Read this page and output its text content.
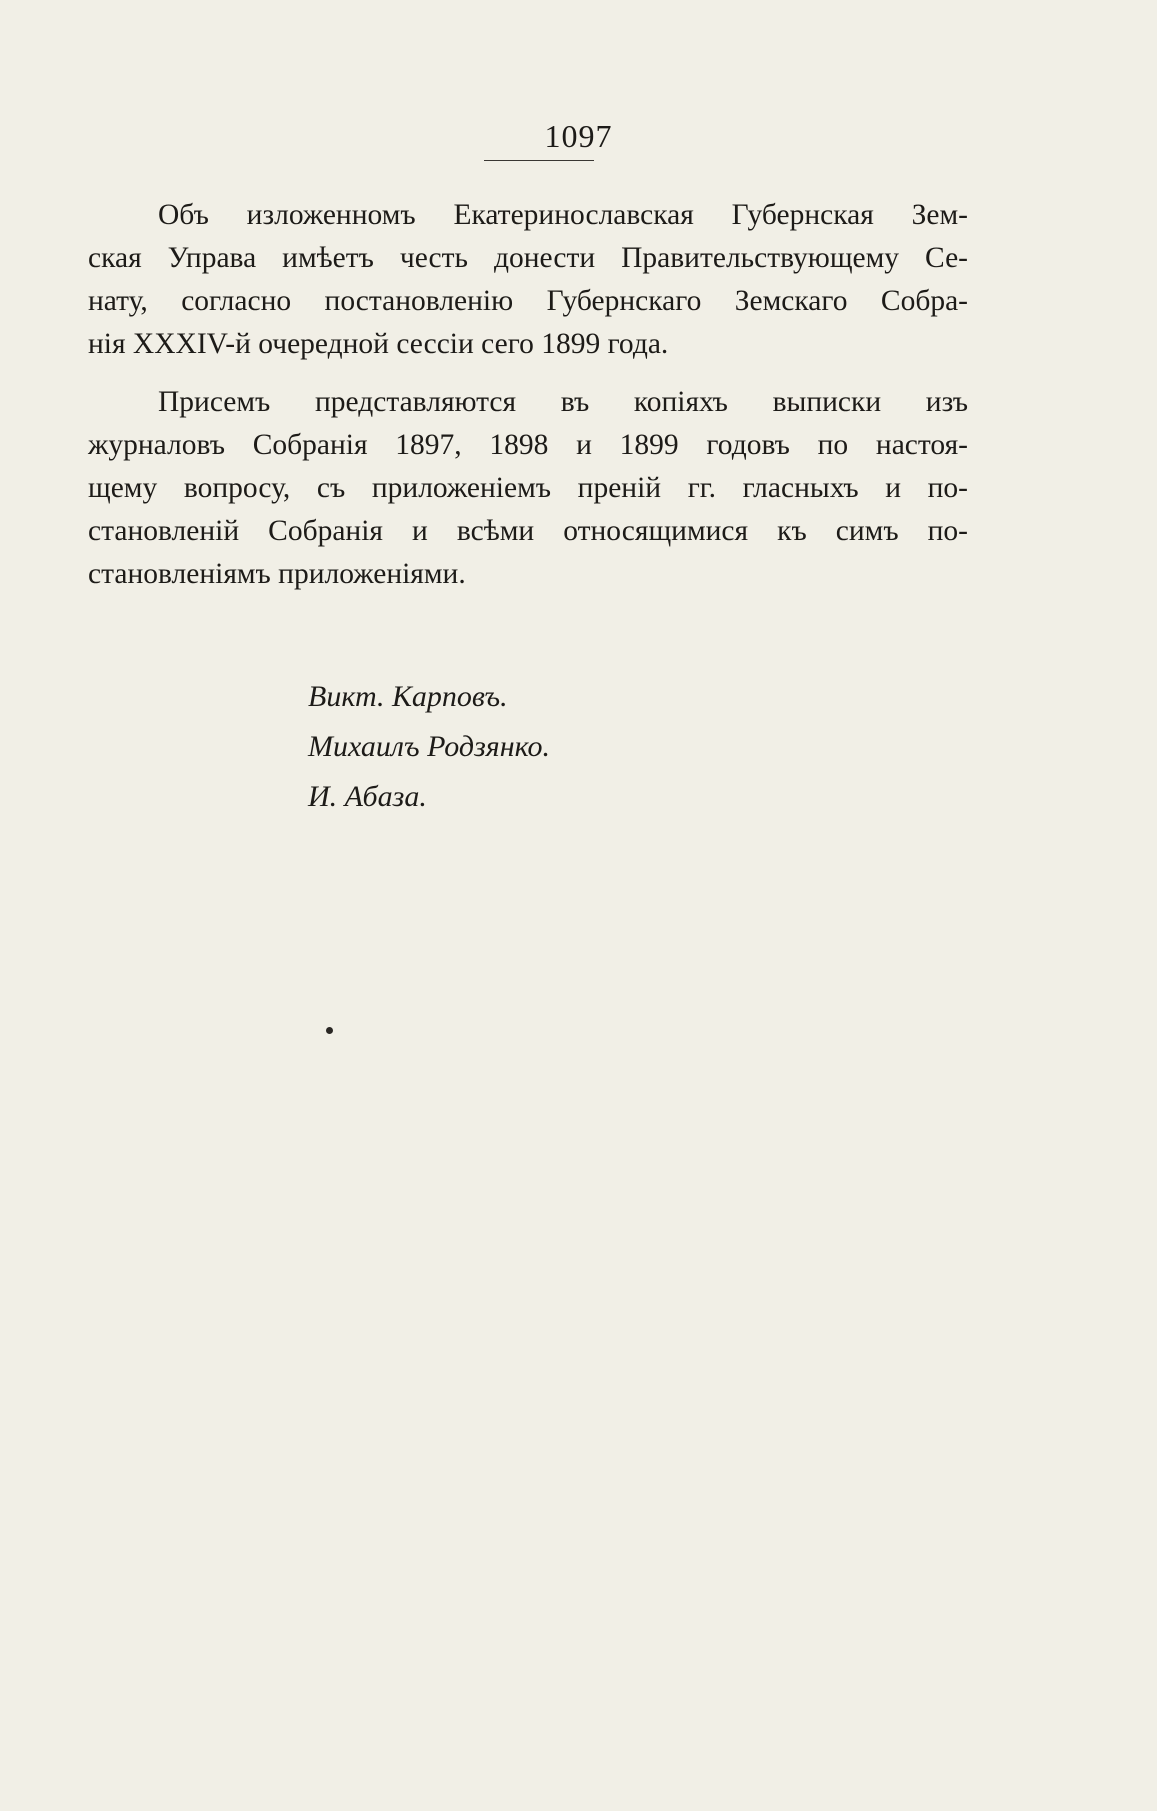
1097
Объ изложенномъ Екатеринославская Губернская Зем-
ская Управа имѣетъ честь донести Правительствующему Се-
нату, согласно постановленію Губернскаго Земскаго Собра-
нія XXXIV-й очередной сессіи сего 1899 года.
Присемъ представляются въ копіяхъ выписки изъ
журналовъ Собранія 1897, 1898 и 1899 годовъ по настоя-
щему вопросу, съ приложеніемъ преній гг. гласныхъ и по-
становленій Собранія и всѣми относящимися къ симъ по-
становленіямъ приложеніями.
Викт. Карповъ.
Михаилъ Родзянко.
И. Абаза.
